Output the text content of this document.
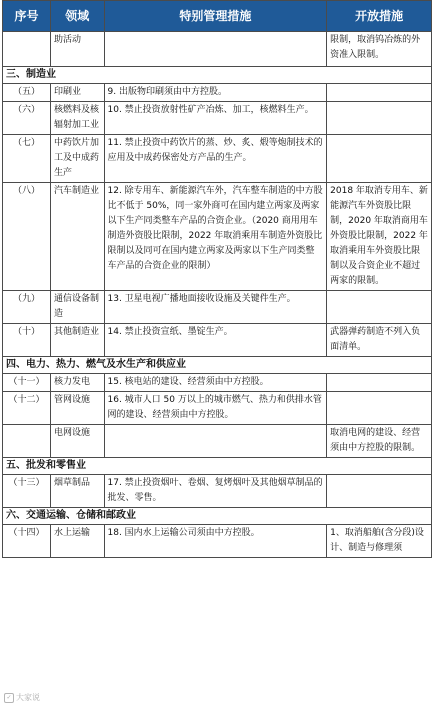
	助活动		限制，取消钨冶炼的外资准入限制。
序号	领域	特别管理措施	开放措施
三、制造业			
（五）	印刷业	9. 出版物印刷须由中方控股。	
（六）	核燃料及核辐射加工业	10. 禁止投资放射性矿产冶炼、加工，核燃料生产。	
（七）	中药饮片加工及中成药生产	11. 禁止投资中药饮片的蒸、炒、炙、煅等炮制技术的应用及中成药保密处方产品的生产。	
（八）	汽车制造业	12. 除专用车、新能源汽车外，汽车整车制造的中方股比不低于 50%，同一家外商可在国内建立两家及两家以下生产同类整车产品的合资企业。（2020 商用用车制造外资股比限制，2022 年取消乘用车制造外资股比限制以及同可在国内建立两家及两家以下生产同类整车产品的合资企业的限制）	2018 年取消专用车、新能源汽车外资股比限制，2020 年取消商用车外资股比限制，2022 年取消乘用车外资股比限制以及合资企业不超过两家的限制。
（九）	通信设备制造	13. 卫星电视广播地面接收设施及关键件生产。	
（十）	其他制造业	14. 禁止投资宣纸、墨锭生产。	武器弹药制造不列入负面清单。
四、电力、热力、燃气及水生产和供应业			
（十一）	核力发电	15. 核电站的建设、经营须由中方控股。	
（十二）	管网设施	16. 城市人口 50 万以上的城市燃气、热力和供排水管网的建设、经营须由中方控股。	
	电网设施		取消电网的建设、经营须由中方控股的限制。
五、批发和零售业			
（十三）	烟草制品	17. 禁止投资烟叶、卷烟、复烤烟叶及其他烟草制品的批发、零售。	
六、交通运输、仓储和邮政业			
（十四）	水上运输	18. 国内水上运输公司须由中方控股。	1、取消船舶(含分段)设计、制造与修理须
✓ 大家说
